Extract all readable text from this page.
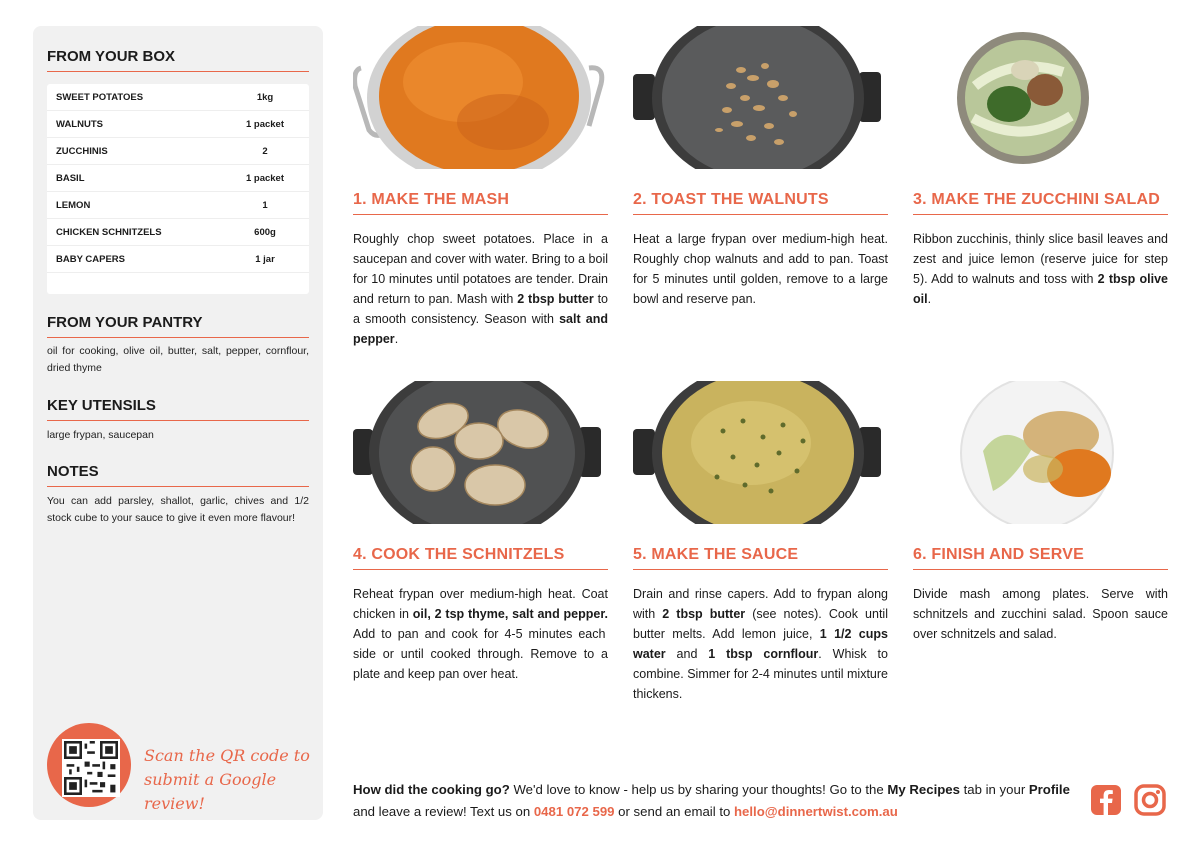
FROM YOUR BOX
SWEET POTATOES	1kg
WALNUTS	1 packet
ZUCCHINIS	2
BASIL	1 packet
LEMON	1
CHICKEN SCHNITZELS	600g
BABY CAPERS	1 jar
FROM YOUR PANTRY
oil for cooking, olive oil, butter, salt, pepper, cornflour, dried thyme
KEY UTENSILS
large frypan, saucepan
NOTES
You can add parsley, shallot, garlic, chives and 1/2 stock cube to your sauce to give it even more flavour!
Scan the QR code to
submit a Google review!
1. MAKE THE MASH
Roughly chop sweet potatoes. Place in a saucepan and cover with water. Bring to a boil for 10 minutes until potatoes are tender. Drain and return to pan. Mash with 2 tbsp butter to a smooth consistency. Season with salt and pepper.
2. TOAST THE WALNUTS
Heat a large frypan over medium-high heat. Roughly chop walnuts and add to pan. Toast for 5 minutes until golden, remove to a large bowl and reserve pan.
3. MAKE THE ZUCCHINI SALAD
Ribbon zucchinis, thinly slice basil leaves and zest and juice lemon (reserve juice for step 5). Add to walnuts and toss with 2 tbsp olive oil.
4. COOK THE SCHNITZELS
Reheat frypan over medium-high heat. Coat chicken in oil, 2 tsp thyme, salt and pepper. Add to pan and cook for 4-5 minutes each side or until cooked through. Remove to a plate and keep pan over heat.
5. MAKE THE SAUCE
Drain and rinse capers. Add to frypan along with 2 tbsp butter (see notes). Cook until butter melts. Add lemon juice, 1 1/2 cups water and 1 tbsp cornflour. Whisk to combine. Simmer for 2-4 minutes until mixture thickens.
6. FINISH AND SERVE
Divide mash among plates. Serve with schnitzels and zucchini salad. Spoon sauce over schnitzels and salad.
How did the cooking go? We'd love to know - help us by sharing your thoughts! Go to the My Recipes tab in your Profile and leave a review! Text us on 0481 072 599 or send an email to hello@dinnertwist.com.au
